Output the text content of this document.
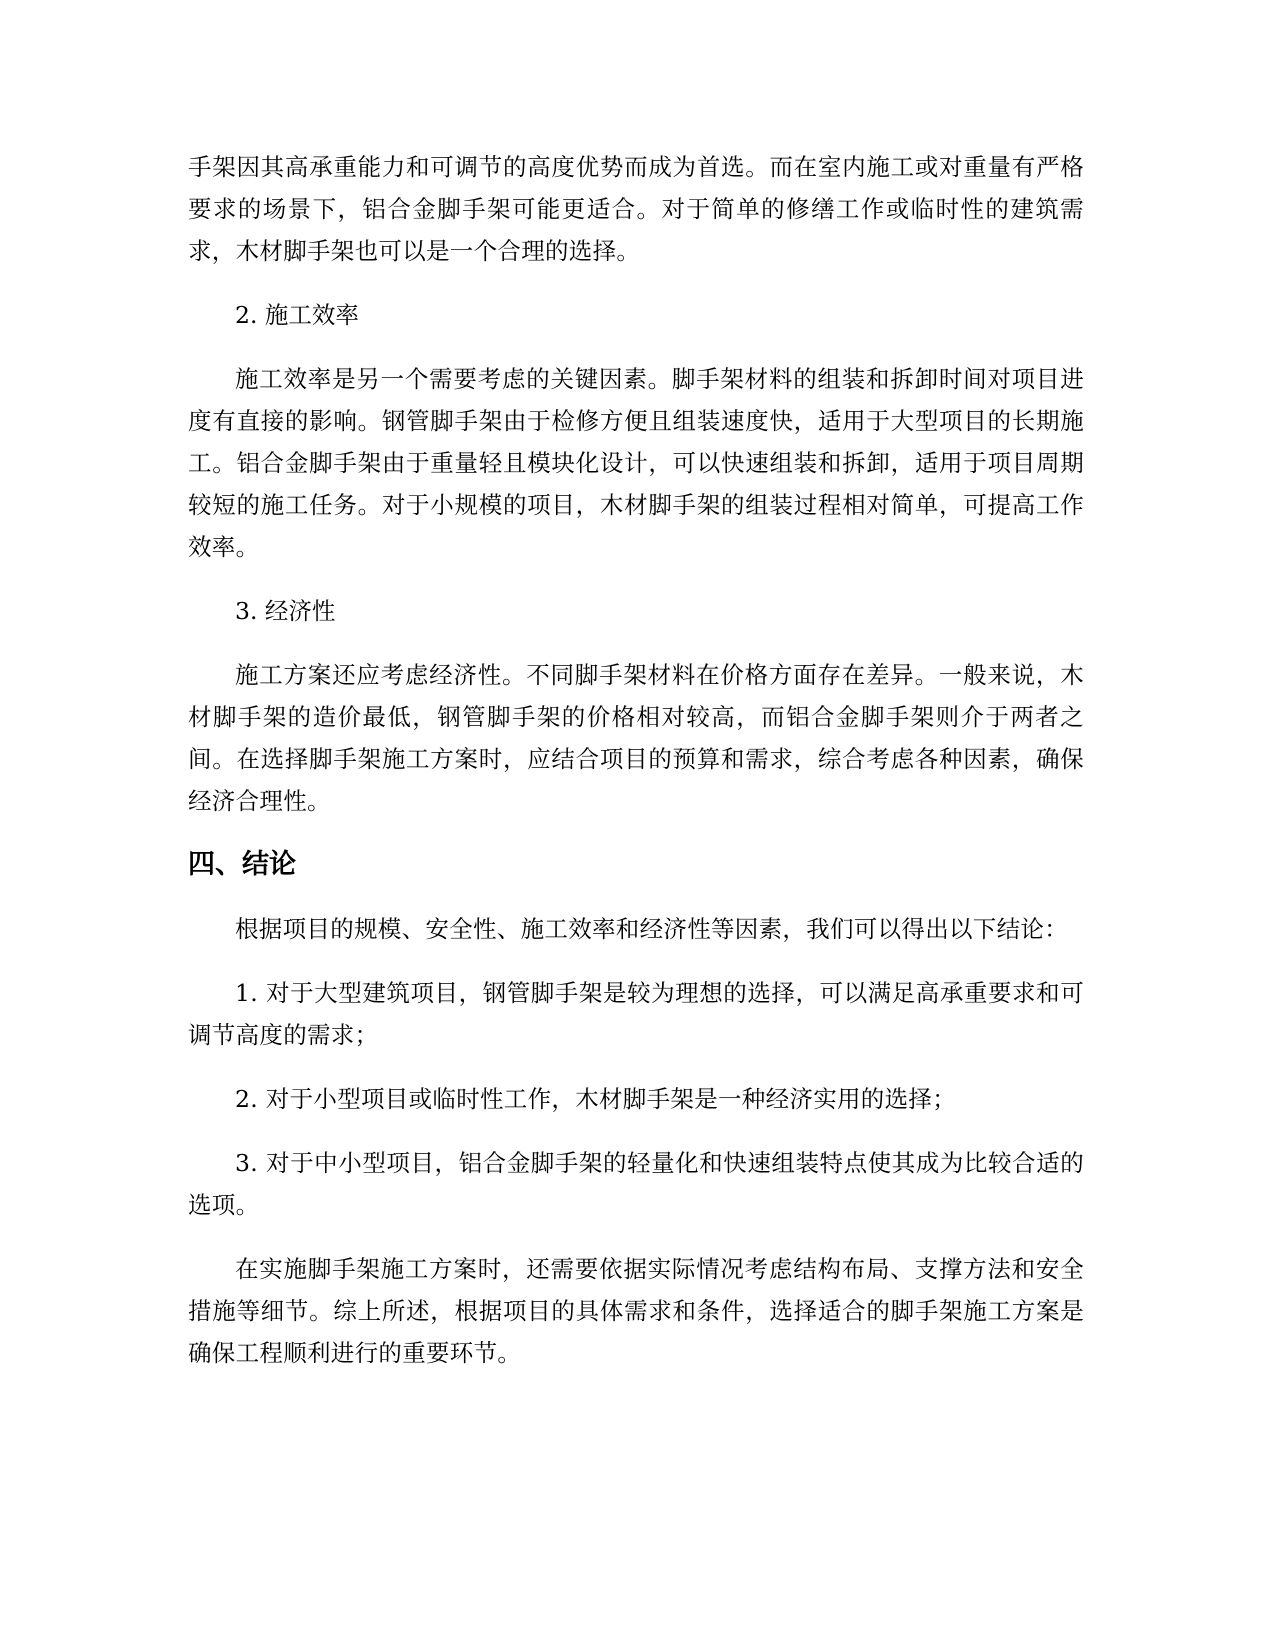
手架因其高承重能力和可调节的高度优势而成为首选。而在室内施工或对重量有严格要求的场景下，铝合金脚手架可能更适合。对于简单的修缮工作或临时性的建筑需求，木材脚手架也可以是一个合理的选择。

2. 施工效率

施工效率是另一个需要考虑的关键因素。脚手架材料的组装和拆卸时间对项目进度有直接的影响。钢管脚手架由于检修方便且组装速度快，适用于大型项目的长期施工。铝合金脚手架由于重量轻且模块化设计，可以快速组装和拆卸，适用于项目周期较短的施工任务。对于小规模的项目，木材脚手架的组装过程相对简单，可提高工作效率。

3. 经济性

施工方案还应考虑经济性。不同脚手架材料在价格方面存在差异。一般来说，木材脚手架的造价最低，钢管脚手架的价格相对较高，而铝合金脚手架则介于两者之间。在选择脚手架施工方案时，应结合项目的预算和需求，综合考虑各种因素，确保经济合理性。

四、结论

根据项目的规模、安全性、施工效率和经济性等因素，我们可以得出以下结论：

1. 对于大型建筑项目，钢管脚手架是较为理想的选择，可以满足高承重要求和可调节高度的需求；

2. 对于小型项目或临时性工作，木材脚手架是一种经济实用的选择；

3. 对于中小型项目，铝合金脚手架的轻量化和快速组装特点使其成为比较合适的选项。

在实施脚手架施工方案时，还需要依据实际情况考虑结构布局、支撑方法和安全措施等细节。综上所述，根据项目的具体需求和条件，选择适合的脚手架施工方案是确保工程顺利进行的重要环节。
